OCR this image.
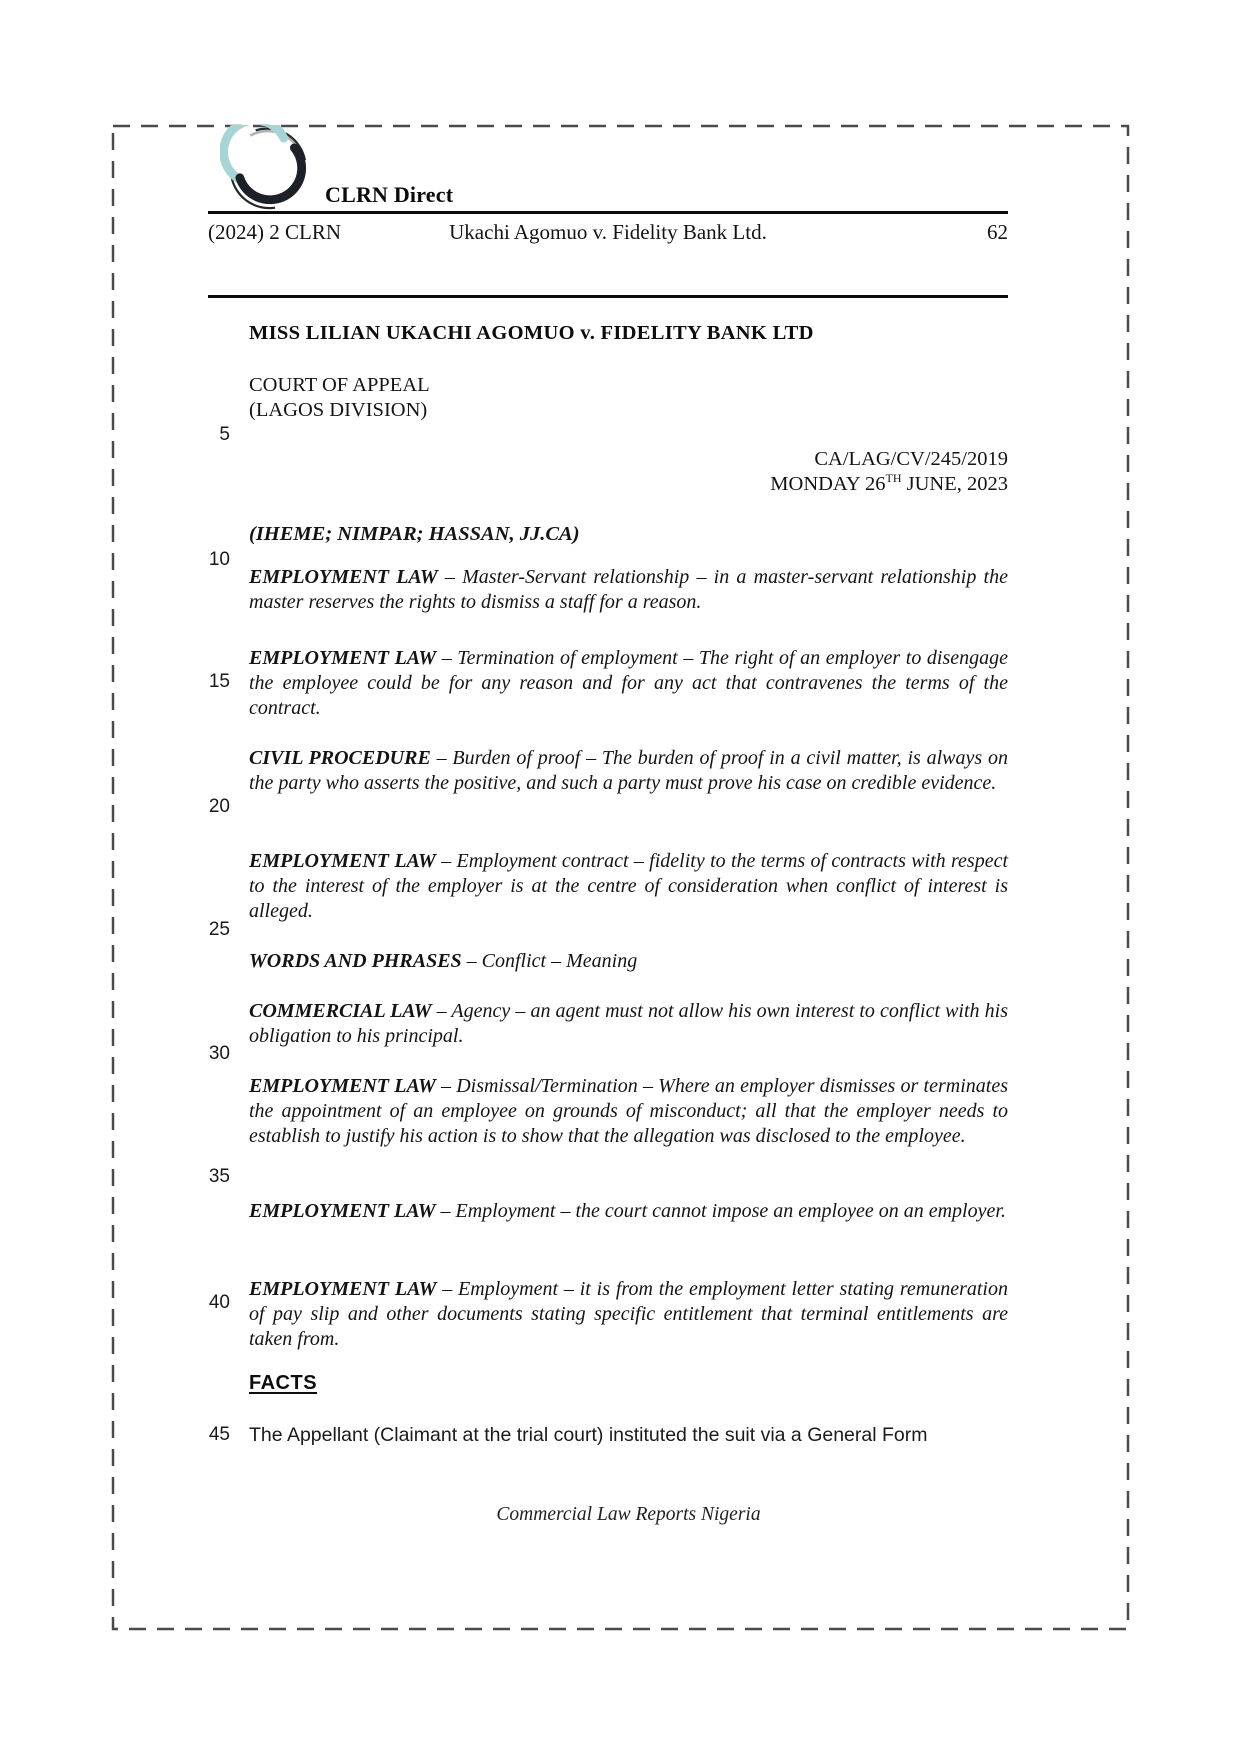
CLRN Direct
(2024) 2 CLRN	62
Ukachi Agomuo v. Fidelity Bank Ltd.
MISS LILIAN UKACHI AGOMUO v. FIDELITY BANK LTD
COURT OF APPEAL
(LAGOS DIVISION)
CA/LAG/CV/245/2019
MONDAY 26TH JUNE, 2023
(IHEME; NIMPAR; HASSAN, JJ.CA)
5
10
15
20
25
30
35
40
45
EMPLOYMENT LAW – Master-Servant relationship – in a master-servant relationship the master reserves the rights to dismiss a staff for a reason.
EMPLOYMENT LAW – Termination of employment – The right of an employer to disengage the employee could be for any reason and for any act that contravenes the terms of the contract.
CIVIL PROCEDURE – Burden of proof – The burden of proof in a civil matter, is always on the party who asserts the positive, and such a party must prove his case on credible evidence.
EMPLOYMENT LAW – Employment contract – fidelity to the terms of contracts with respect to the interest of the employer is at the centre of consideration when conflict of interest is alleged.
WORDS AND PHRASES – Conflict – Meaning
COMMERCIAL LAW – Agency – an agent must not allow his own interest to conflict with his obligation to his principal.
EMPLOYMENT LAW – Dismissal/Termination – Where an employer dismisses or terminates the appointment of an employee on grounds of misconduct; all that the employer needs to establish to justify his action is to show that the allegation was disclosed to the employee.
EMPLOYMENT LAW – Employment – the court cannot impose an employee on an employer.
EMPLOYMENT LAW – Employment – it is from the employment letter stating remuneration of pay slip and other documents stating specific entitlement that terminal entitlements are taken from.
FACTS
The Appellant (Claimant at the trial court) instituted the suit via a General Form
Commercial Law Reports Nigeria
